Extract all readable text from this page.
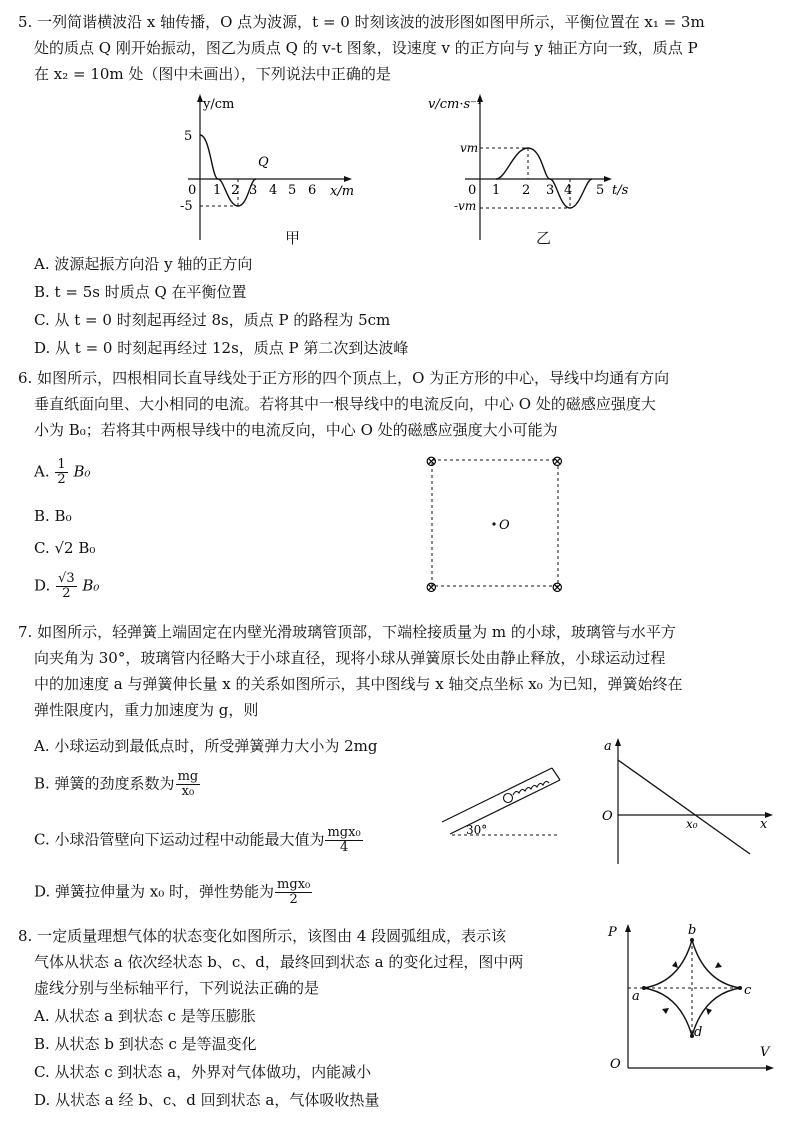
5. 一列简谐横波沿 x 轴传播，O 点为波源，t = 0 时刻该波的波形图如图甲所示，平衡位置在 x₁ = 3m
处的质点 Q 刚开始振动，图乙为质点 Q 的 v-t 图象，设速度 v 的正方向与 y 轴正方向一致，质点 P
在 x₂ = 10m 处（图中未画出），下列说法中正确的是
y/cm
x/m
0
5
-5
1 2 3 4 5 6
Q
甲
v/cm·s⁻¹
t/s
0
vm
-vm
1 2 3 4 5
乙
A. 波源起振方向沿 y 轴的正方向
B. t = 5s 时质点 Q 在平衡位置
C. 从 t = 0 时刻起再经过 8s，质点 P 的路程为 5cm
D. 从 t = 0 时刻起再经过 12s，质点 P 第二次到达波峰
6. 如图所示，四根相同长直导线处于正方形的四个顶点上，O 为正方形的中心，导线中均通有方向
垂直纸面向里、大小相同的电流。若将其中一根导线中的电流反向，中心 O 处的磁感应强度大
小为 B₀；若将其中两根导线中的电流反向，中心 O 处的磁感应强度大小可能为
A. $\frac{1}{2} B_0$
B. B₀
C. √2 B₀
D. $\frac{√3}{2} B_0$
⊗	⊗
⊗	⊗
O
7. 如图所示，轻弹簧上端固定在内壁光滑玻璃管顶部，下端栓接质量为 m 的小球，玻璃管与水平方
向夹角为 30°，玻璃管内径略大于小球直径，现将小球从弹簧原长处由静止释放，小球运动过程
中的加速度 a 与弹簧伸长量 x 的关系如图所示，其中图线与 x 轴交点坐标 x₀ 为已知，弹簧始终在
弹性限度内，重力加速度为 g，则
A. 小球运动到最低点时，所受弹簧弹力大小为 2mg
B. 弹簧的劲度系数为 $\frac{mg}{\text{x₀}}$
C. 小球沿管壁向下运动过程中动能最大值为 $\frac{\text{mgx₀}}{4}$
D. 弹簧拉伸量为 x₀ 时，弹性势能为 $\frac{\text{mgx₀}}{2}$
30°
a
x
O	x₀
8. 一定质量理想气体的状态变化如图所示，该图由 4 段圆弧组成，表示该
气体从状态 a 依次经状态 b、c、d，最终回到状态 a 的变化过程，图中两
虚线分别与坐标轴平行，下列说法正确的是
A. 从状态 a 到状态 c 是等压膨胀
B. 从状态 b 到状态 c 是等温变化
C. 从状态 c 到状态 a，外界对气体做功，内能减小
D. 从状态 a 经 b、c、d 回到状态 a，气体吸收热量
P
V
O
a
b
c
d
